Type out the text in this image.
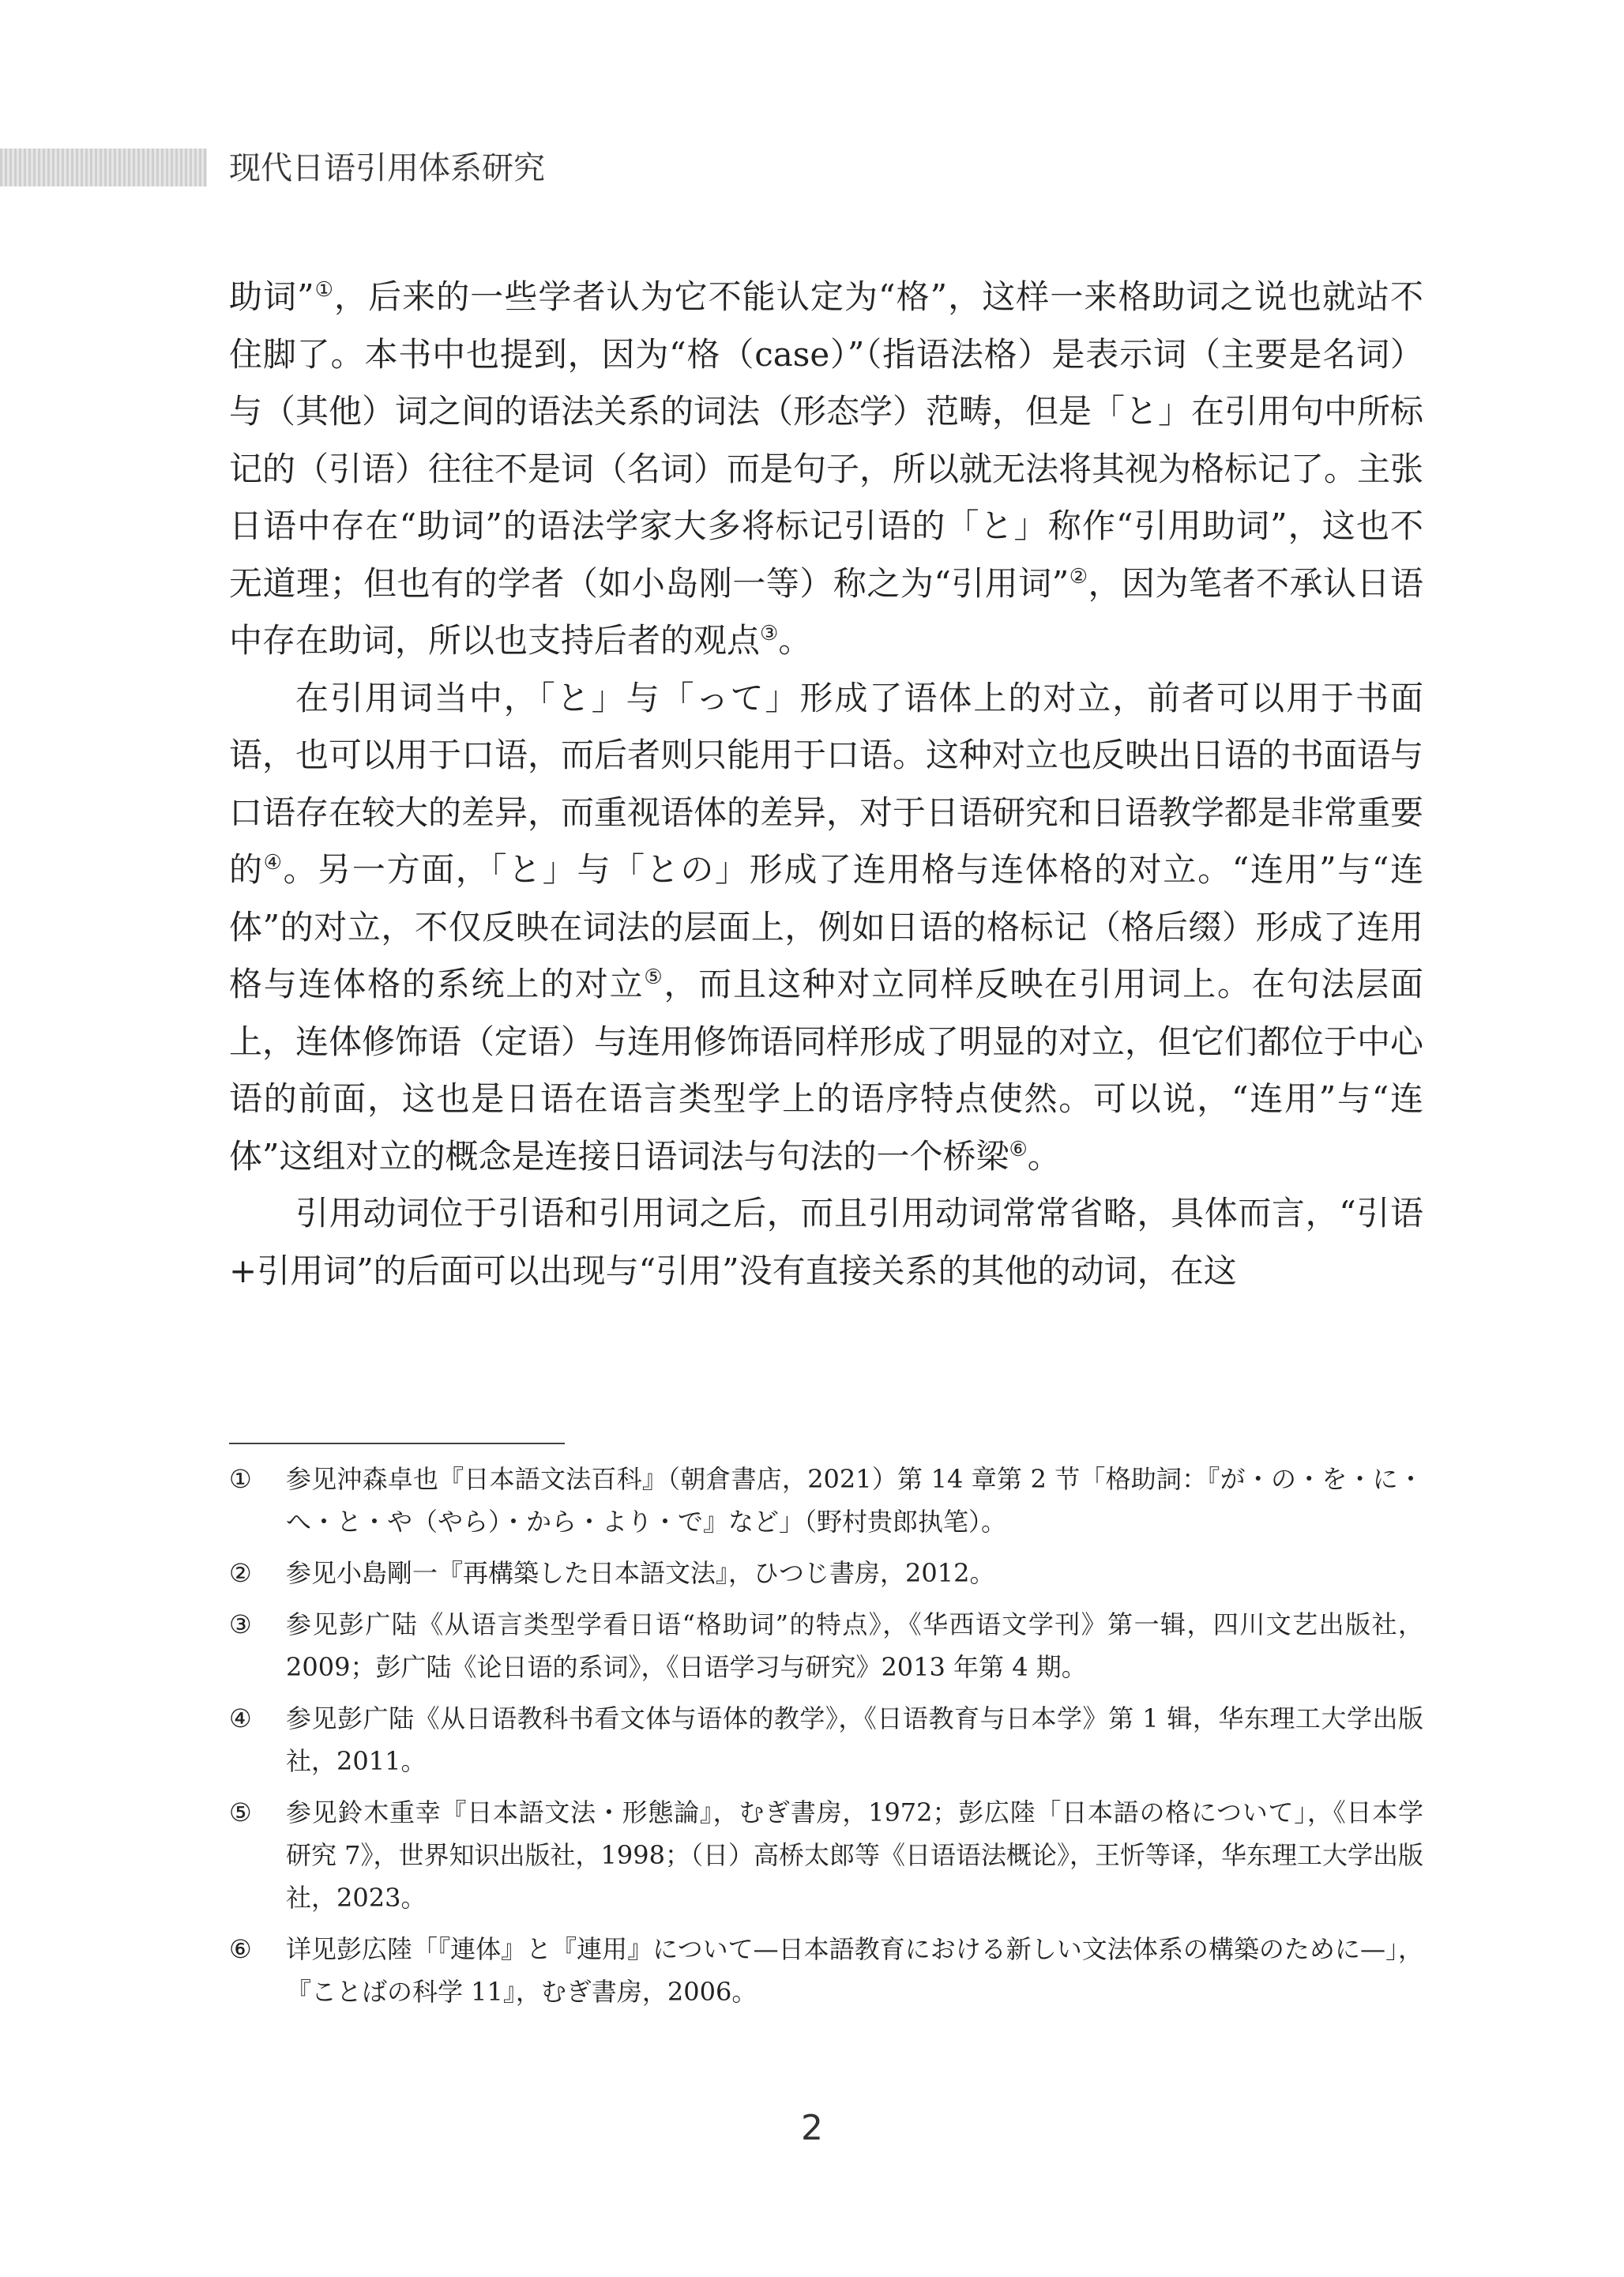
现代日语引用体系研究

助词”①，后来的一些学者认为它不能认定为“格”，这样一来格助词之说也就站不住脚了。本书中也提到，因为“格（case）”（指语法格）是表示词（主要是名词）与（其他）词之间的语法关系的词法（形态学）范畴，但是「と」在引用句中所标记的（引语）往往不是词（名词）而是句子，所以就无法将其视为格标记了。主张日语中存在“助词”的语法学家大多将标记引语的「と」称作“引用助词”，这也不无道理；但也有的学者（如小岛刚一等）称之为“引用词”②，因为笔者不承认日语中存在助词，所以也支持后者的观点③。

在引用词当中，「と」与「って」形成了语体上的对立，前者可以用于书面语，也可以用于口语，而后者则只能用于口语。这种对立也反映出日语的书面语与口语存在较大的差异，而重视语体的差异，对于日语研究和日语教学都是非常重要的④。另一方面，「と」与「との」形成了连用格与连体格的对立。“连用”与“连体”的对立，不仅反映在词法的层面上，例如日语的格标记（格后缀）形成了连用格与连体格的系统上的对立⑤，而且这种对立同样反映在引用词上。在句法层面上，连体修饰语（定语）与连用修饰语同样形成了明显的对立，但它们都位于中心语的前面，这也是日语在语言类型学上的语序特点使然。可以说，“连用”与“连体”这组对立的概念是连接日语词法与句法的一个桥梁⑥。

引用动词位于引语和引用词之后，而且引用动词常常省略，具体而言，“引语+引用词”的后面可以出现与“引用”没有直接关系的其他的动词，在这

①	参见沖森卓也『日本語文法百科』（朝倉書店，2021）第 14 章第 2 节「格助詞：『が・の・を・に・へ・と・や（やら）・から・より・で』など」（野村贵郎执笔）。
②	参见小島剛一『再構築した日本語文法』，ひつじ書房，2012。
③	参见彭广陆《从语言类型学看日语“格助词”的特点》，《华西语文学刊》第一辑，四川文艺出版社，2009；彭广陆《论日语的系词》，《日语学习与研究》2013 年第 4 期。
④	参见彭广陆《从日语教科书看文体与语体的教学》，《日语教育与日本学》第 1 辑，华东理工大学出版社，2011。
⑤	参见鈴木重幸『日本語文法・形態論』，むぎ書房，1972；彭広陸「日本語の格について」，《日本学研究 7》，世界知识出版社，1998；（日）高桥太郎等《日语语法概论》，王忻等译，华东理工大学出版社，2023。
⑥	详见彭広陸「『連体』と『連用』について—日本語教育における新しい文法体系の構築のために—」，『ことばの科学 11』，むぎ書房，2006。
2
